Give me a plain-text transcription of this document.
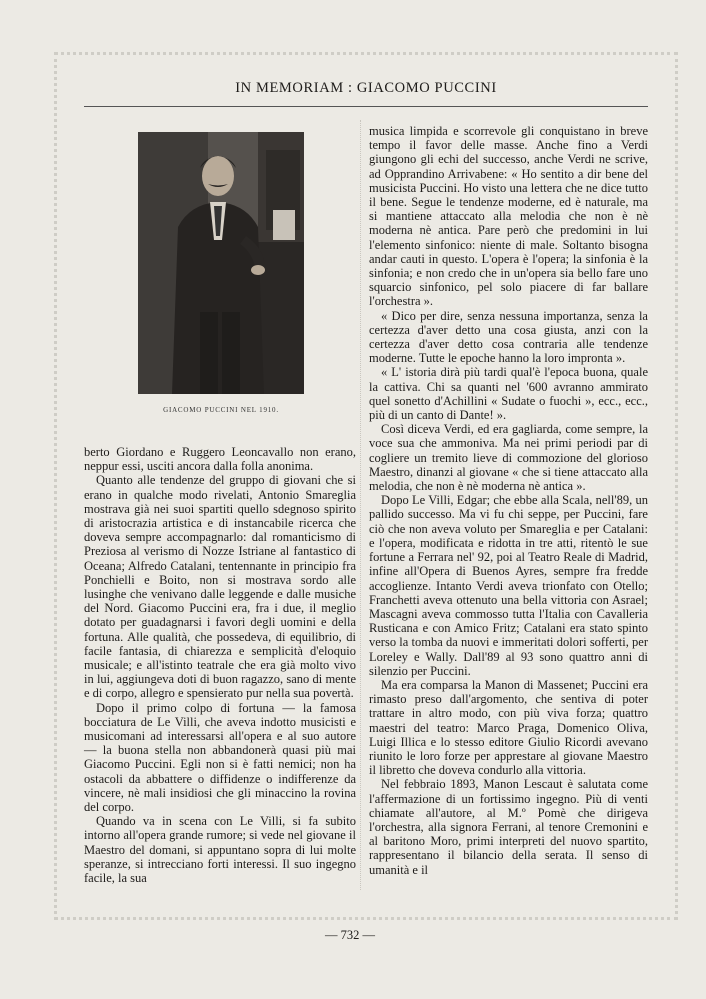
IN MEMORIAM : GIACOMO PUCCINI
GIACOMO PUCCINI NEL 1910.

berto Giordano e Ruggero Leoncavallo non erano, neppur essi, usciti ancora dalla folla anonima.

Quanto alle tendenze del gruppo di giovani che si erano in qualche modo rivelati, Antonio Smareglia mostrava già nei suoi spartiti quello sdegnoso spirito di aristocrazia artistica e di instancabile ricerca che doveva sempre accompagnarlo: dal romanticismo di Preziosa al verismo di Nozze Istriane al fantastico di Oceana; Alfredo Catalani, tentennante in principio fra Ponchielli e Boito, non si mostrava sordo alle lusinghe che venivano dalle leggende e dalle musiche del Nord. Giacomo Puccini era, fra i due, il meglio dotato per guadagnarsi i favori degli uomini e della fortuna. Alle qualità, che possedeva, di equilibrio, di facile fantasia, di chiarezza e semplicità d'eloquio musicale; e all'istinto teatrale che era già molto vivo in lui, aggiungeva doti di buon ragazzo, sano di mente e di corpo, allegro e spensierato pur nella sua povertà.

Dopo il primo colpo di fortuna — la famosa bocciatura de Le Villi, che aveva indotto musicisti e musicomani ad interessarsi all'opera e al suo autore — la buona stella non abbandonerà quasi più mai Giacomo Puccini. Egli non si è fatti nemici; non ha ostacoli da abbattere o diffidenze o indifferenze da vincere, nè mali insidiosi che gli minaccino la rovina del corpo.

Quando va in scena con Le Villi, si fa subito intorno all'opera grande rumore; si vede nel giovane il Maestro del domani, si appuntano sopra di lui molte speranze, si intrecciano forti interessi. Il suo ingegno facile, la sua

musica limpida e scorrevole gli conquistano in breve tempo il favor delle masse. Anche fino a Verdi giungono gli echi del successo, anche Verdi ne scrive, ad Opprandino Arrivabene: « Ho sentito a dir bene del musicista Puccini. Ho visto una lettera che ne dice tutto il bene. Segue le tendenze moderne, ed è naturale, ma si mantiene attaccato alla melodia che non è nè moderna nè antica. Pare però che predomini in lui l'elemento sinfonico: niente di male. Soltanto bisogna andar cauti in questo. L'opera è l'opera; la sinfonia è la sinfonia; e non credo che in un'opera sia bello fare uno squarcio sinfonico, pel solo piacere di far ballare l'orchestra ».

« Dico per dire, senza nessuna importanza, senza la certezza d'aver detto una cosa giusta, anzi con la certezza d'aver detto cosa contraria alle tendenze moderne. Tutte le epoche hanno la loro impronta ».

« L' istoria dirà più tardi qual'è l'epoca buona, quale la cattiva. Chi sa quanti nel '600 avranno ammirato quel sonetto d'Achillini « Sudate o fuochi », ecc., ecc., più di un canto di Dante! ».

Così diceva Verdi, ed era gagliarda, come sempre, la voce sua che ammoniva. Ma nei primi periodi par di cogliere un tremito lieve di commozione del glorioso Maestro, dinanzi al giovane « che si tiene attaccato alla melodia, che non è nè moderna nè antica ».

Dopo Le Villi, Edgar; che ebbe alla Scala, nell'89, un pallido successo. Ma vi fu chi seppe, per Puccini, fare ciò che non aveva voluto per Smareglia e per Catalani: e l'opera, modificata e ridotta in tre atti, ritentò le sue fortune a Ferrara nel' 92, poi al Teatro Reale di Madrid, infine all'Opera di Buenos Ayres, sempre fra fredde accoglienze. Intanto Verdi aveva trionfato con Otello; Franchetti aveva ottenuto una bella vittoria con Asrael; Mascagni aveva commosso tutta l'Italia con Cavalleria Rusticana e con Amico Fritz; Catalani era stato spinto verso la tomba da nuovi e immeritati dolori sofferti, per Loreley e Wally. Dall'89 al 93 sono quattro anni di silenzio per Puccini.

Ma era comparsa la Manon di Massenet; Puccini era rimasto preso dall'argomento, che sentiva di poter trattare in altro modo, con più viva forza; quattro maestri del teatro: Marco Praga, Domenico Oliva, Luigi Illica e lo stesso editore Giulio Ricordi avevano riunito le loro forze per apprestare al giovane Maestro il libretto che doveva condurlo alla vittoria.

Nel febbraio 1893, Manon Lescaut è salutata come l'affermazione di un fortissimo ingegno. Più di venti chiamate all'autore, al M.º Pomè che dirigeva l'orchestra, alla signora Ferrani, al tenore Cremonini e al baritono Moro, primi interpreti del nuovo spartito, rappresentano il bilancio della serata. Il senso di umanità e il

— 732 —
